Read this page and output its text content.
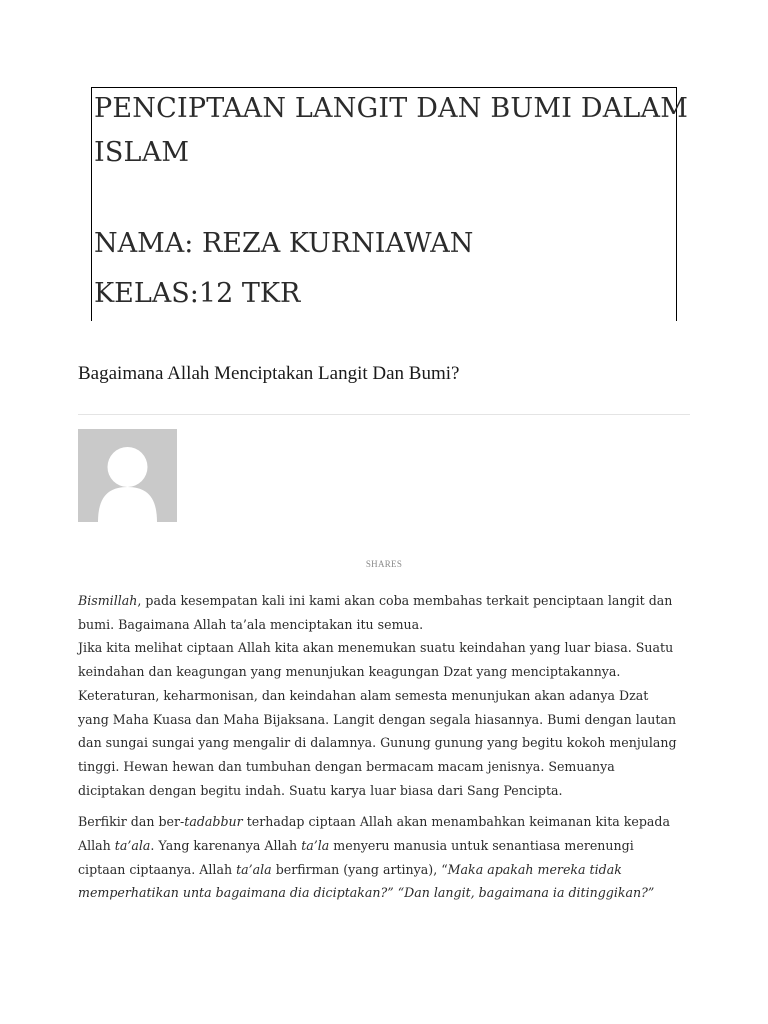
PENCIPTAAN LANGIT DAN BUMI DALAM
ISLAM
NAMA: REZA KURNIAWAN
KELAS:12 TKR
Bagaimana Allah Menciptakan Langit Dan Bumi?
SHARES

Bismillah, pada kesempatan kali ini kami akan coba membahas terkait penciptaan langit dan
bumi. Bagaimana Allah ta’ala menciptakan itu semua.
Jika kita melihat ciptaan Allah kita akan menemukan suatu keindahan yang luar biasa. Suatu
keindahan dan keagungan yang menunjukan keagungan Dzat yang menciptakannya.
Keteraturan, keharmonisan, dan keindahan alam semesta menunjukan akan adanya Dzat
yang Maha Kuasa dan Maha Bijaksana. Langit dengan segala hiasannya. Bumi dengan lautan
dan sungai sungai yang mengalir di dalamnya. Gunung gunung yang begitu kokoh menjulang
tinggi. Hewan hewan dan tumbuhan dengan bermacam macam jenisnya. Semuanya
diciptakan dengan begitu indah. Suatu karya luar biasa dari Sang Pencipta.

Berfikir dan ber-tadabbur terhadap ciptaan Allah akan menambahkan keimanan kita kepada
Allah ta’ala. Yang karenanya Allah ta’la menyeru manusia untuk senantiasa merenungi
ciptaan ciptaanya. Allah ta’ala berfirman (yang artinya), “Maka apakah mereka tidak
memperhatikan unta bagaimana dia diciptakan?” “Dan langit, bagaimana ia ditinggikan?”
